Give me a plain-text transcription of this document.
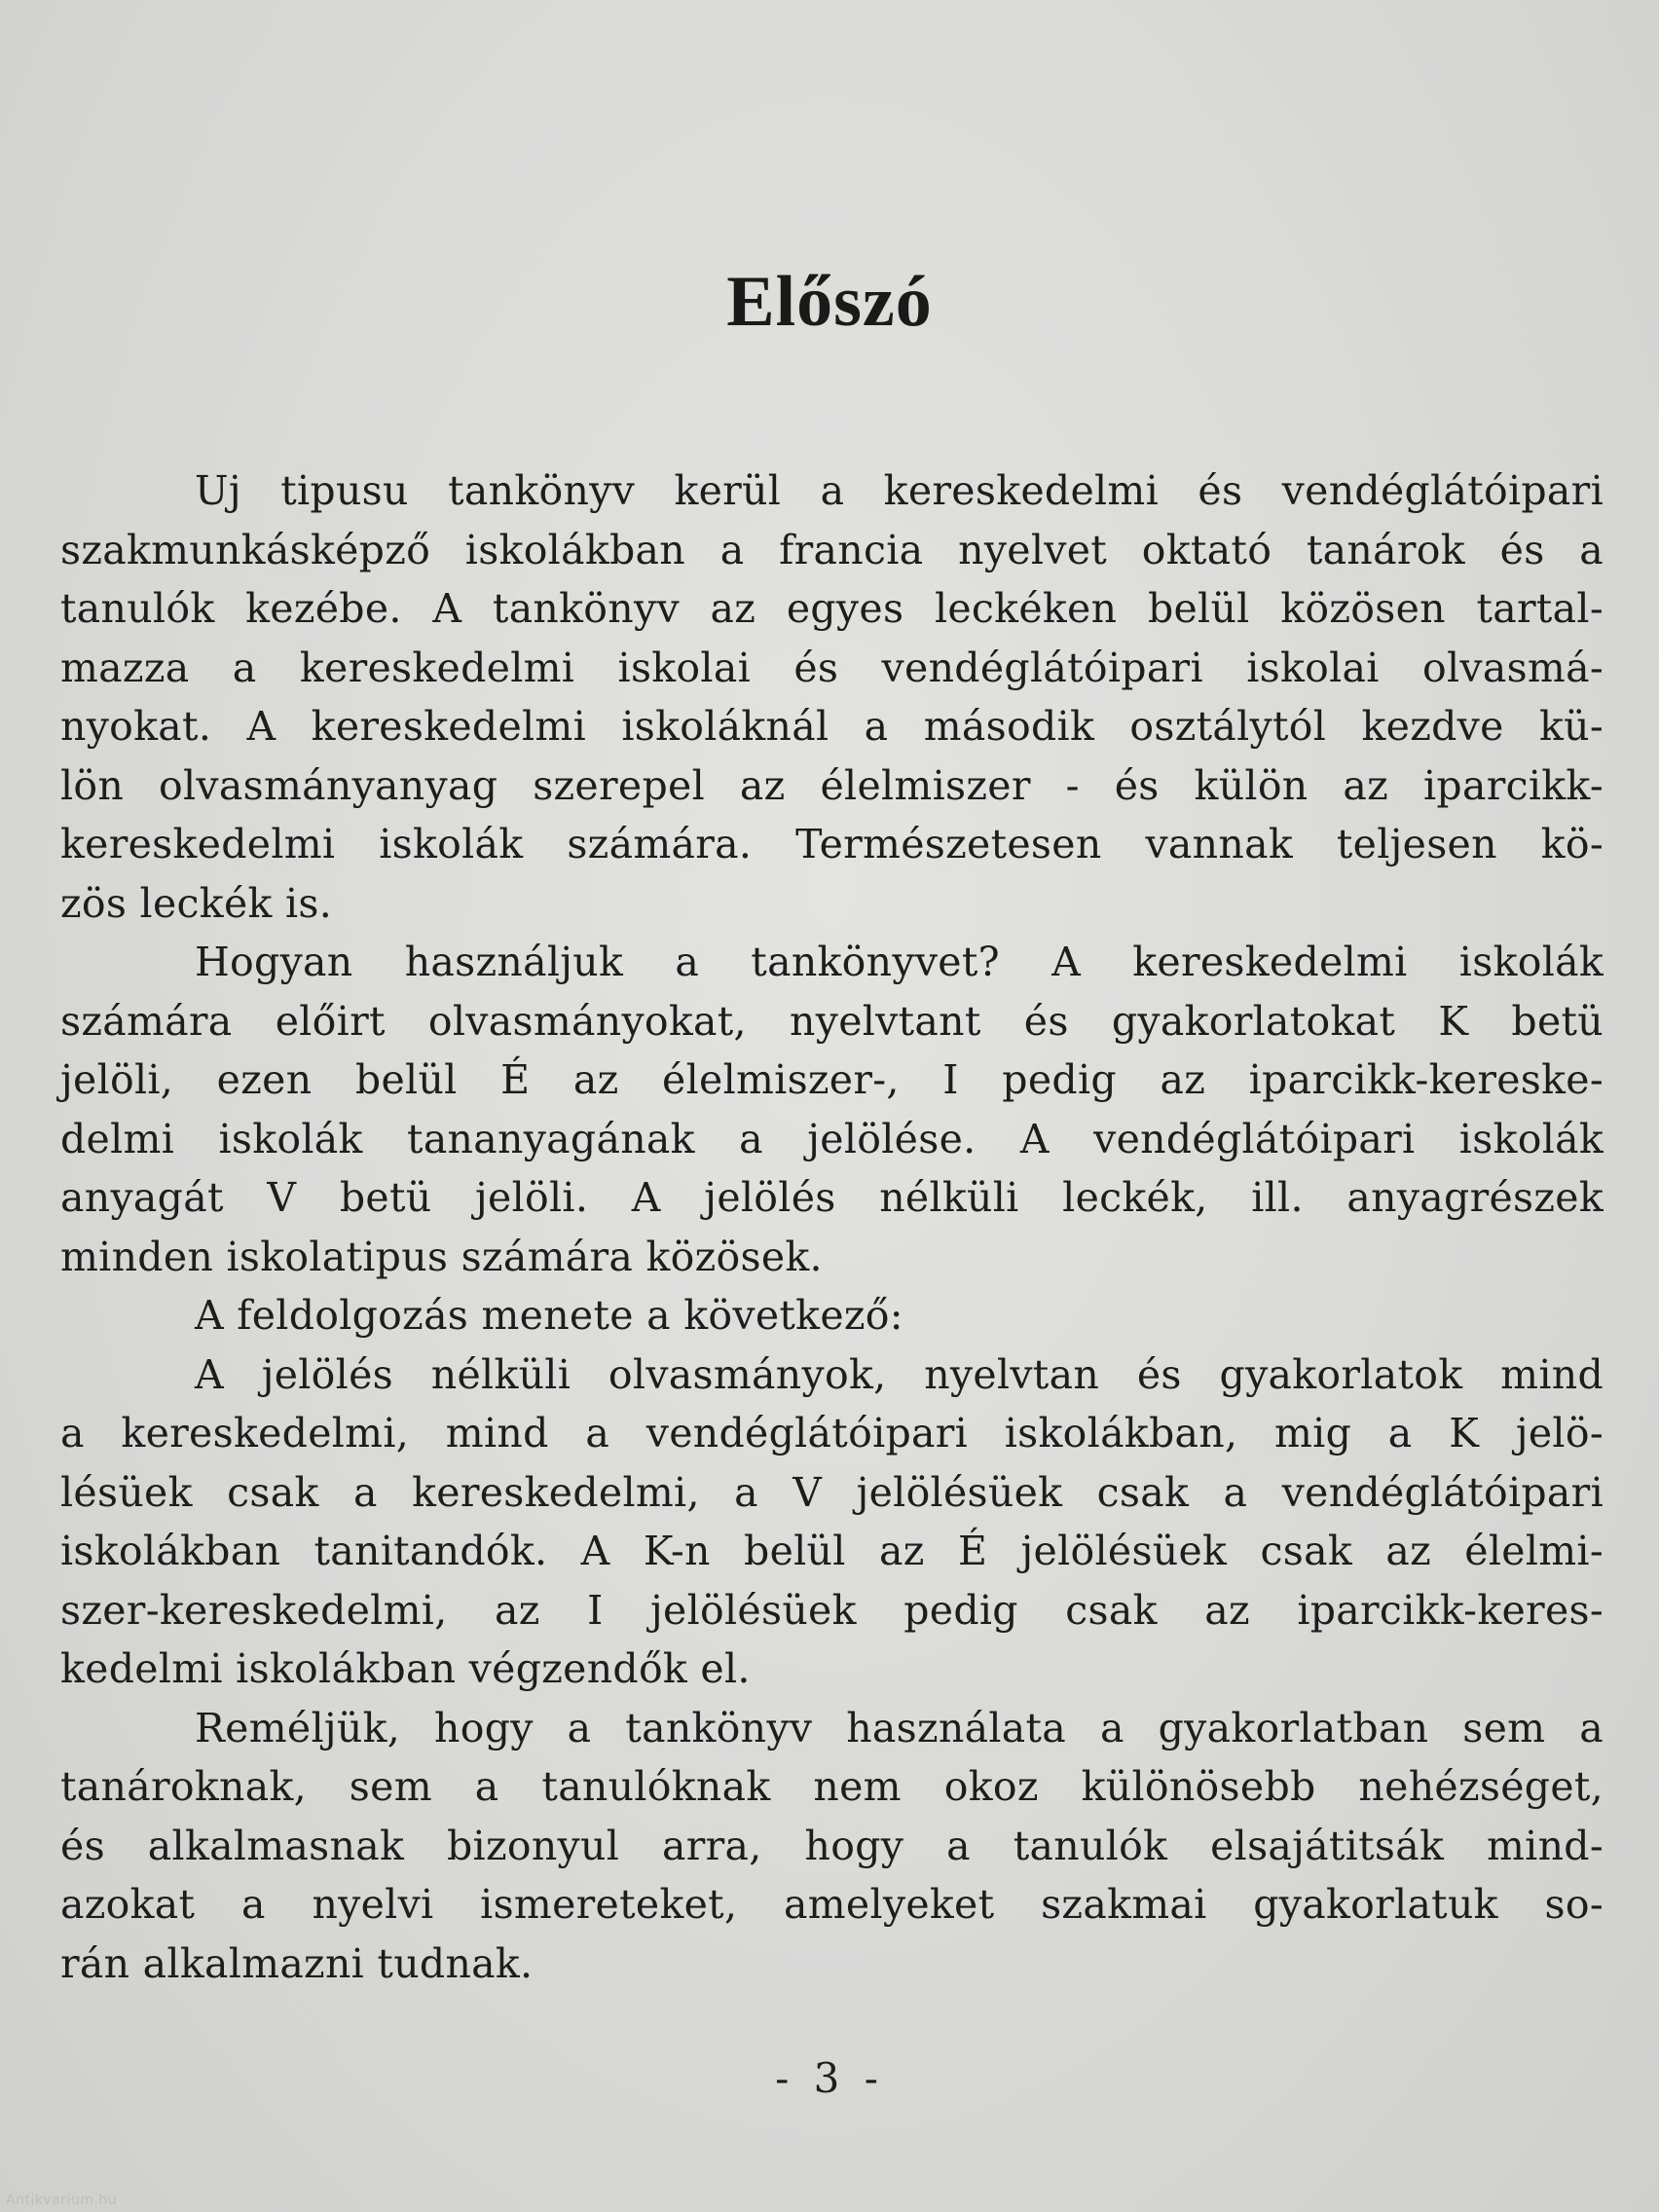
Előszó
Uj tipusu tankönyv kerül a kereskedelmi és vendéglátóipari
szakmunkásképző iskolákban a francia nyelvet oktató tanárok és a
tanulók kezébe. A tankönyv az egyes leckéken belül közösen tartal-
mazza a kereskedelmi iskolai és vendéglátóipari iskolai olvasmá-
nyokat. A kereskedelmi iskoláknál a második osztálytól kezdve kü-
lön olvasmányanyag szerepel az élelmiszer - és külön az iparcikk-
kereskedelmi iskolák számára. Természetesen vannak teljesen kö-
zös leckék is.
Hogyan használjuk a tankönyvet? A kereskedelmi iskolák
számára előirt olvasmányokat, nyelvtant és gyakorlatokat K betü
jelöli, ezen belül É az élelmiszer-, I pedig az iparcikk-kereske-
delmi iskolák tananyagának a jelölése. A vendéglátóipari iskolák
anyagát V betü jelöli. A jelölés nélküli leckék, ill. anyagrészek
minden iskolatipus számára közösek.
A feldolgozás menete a következő:
A jelölés nélküli olvasmányok, nyelvtan és gyakorlatok mind
a kereskedelmi, mind a vendéglátóipari iskolákban, mig a K jelö-
lésüek csak a kereskedelmi, a V jelölésüek csak a vendéglátóipari
iskolákban tanitandók. A K-n belül az É jelölésüek csak az élelmi-
szer-kereskedelmi, az I jelölésüek pedig csak az iparcikk-keres-
kedelmi iskolákban végzendők el.
Reméljük, hogy a tankönyv használata a gyakorlatban sem a
tanároknak, sem a tanulóknak nem okoz különösebb nehézséget,
és alkalmasnak bizonyul arra, hogy a tanulók elsajátitsák mind-
azokat a nyelvi ismereteket, amelyeket szakmai gyakorlatuk so-
rán alkalmazni tudnak.
- 3 -
Antikvarium.hu
